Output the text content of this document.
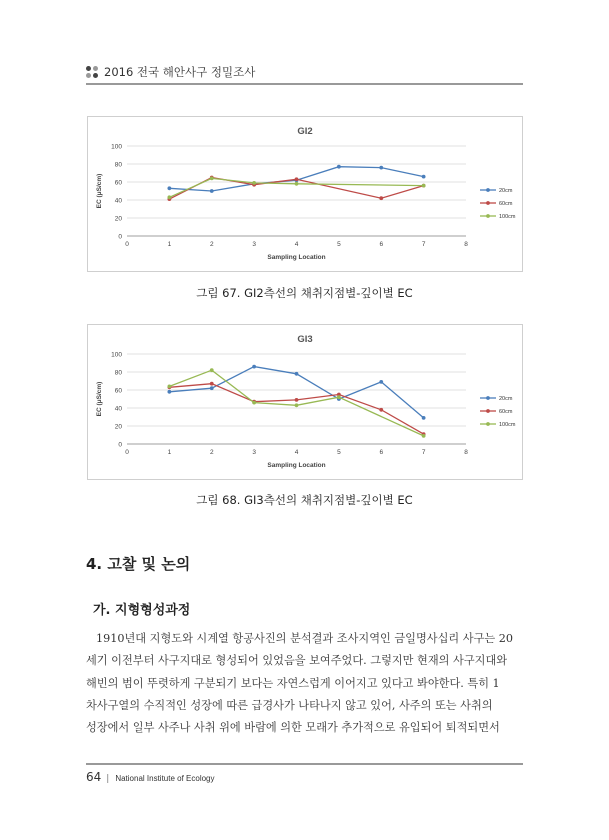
2016 전국 해안사구 정밀조사
GI2
0
20
40
60
80
100
0	1	2	3	4	5	6	7	8
Sampling Location
EC (μS/cm)	20cm
60cm
100cm
그림 67. GI2측선의 채취지점별-깊이별 EC
GI3
0
20
40
60
80
100
0	1	2	3	4	5	6	7	8
Sampling Location
EC (μS/cm)	20cm
60cm
100cm
그림 68. GI3측선의 채취지점별-깊이별 EC
4. 고찰 및 논의
가. 지형형성과정
1910년대 지형도와 시계열 항공사진의 분석결과 조사지역인 금일명사십리 사구는 20
세기 이전부터 사구지대로 형성되어 있었음을 보여주었다. 그렇지만 현재의 사구지대와
해빈의 범이 뚜렷하게 구분되기 보다는 자연스럽게 이어지고 있다고 봐야한다. 특히 1
차사구열의 수직적인 성장에 따른 급경사가 나타나지 않고 있어, 사주의 또는 사취의
성장에서 일부 사주나 사취 위에 바람에 의한 모래가 추가적으로 유입되어 퇴적되면서
64 | National Institute of Ecology
